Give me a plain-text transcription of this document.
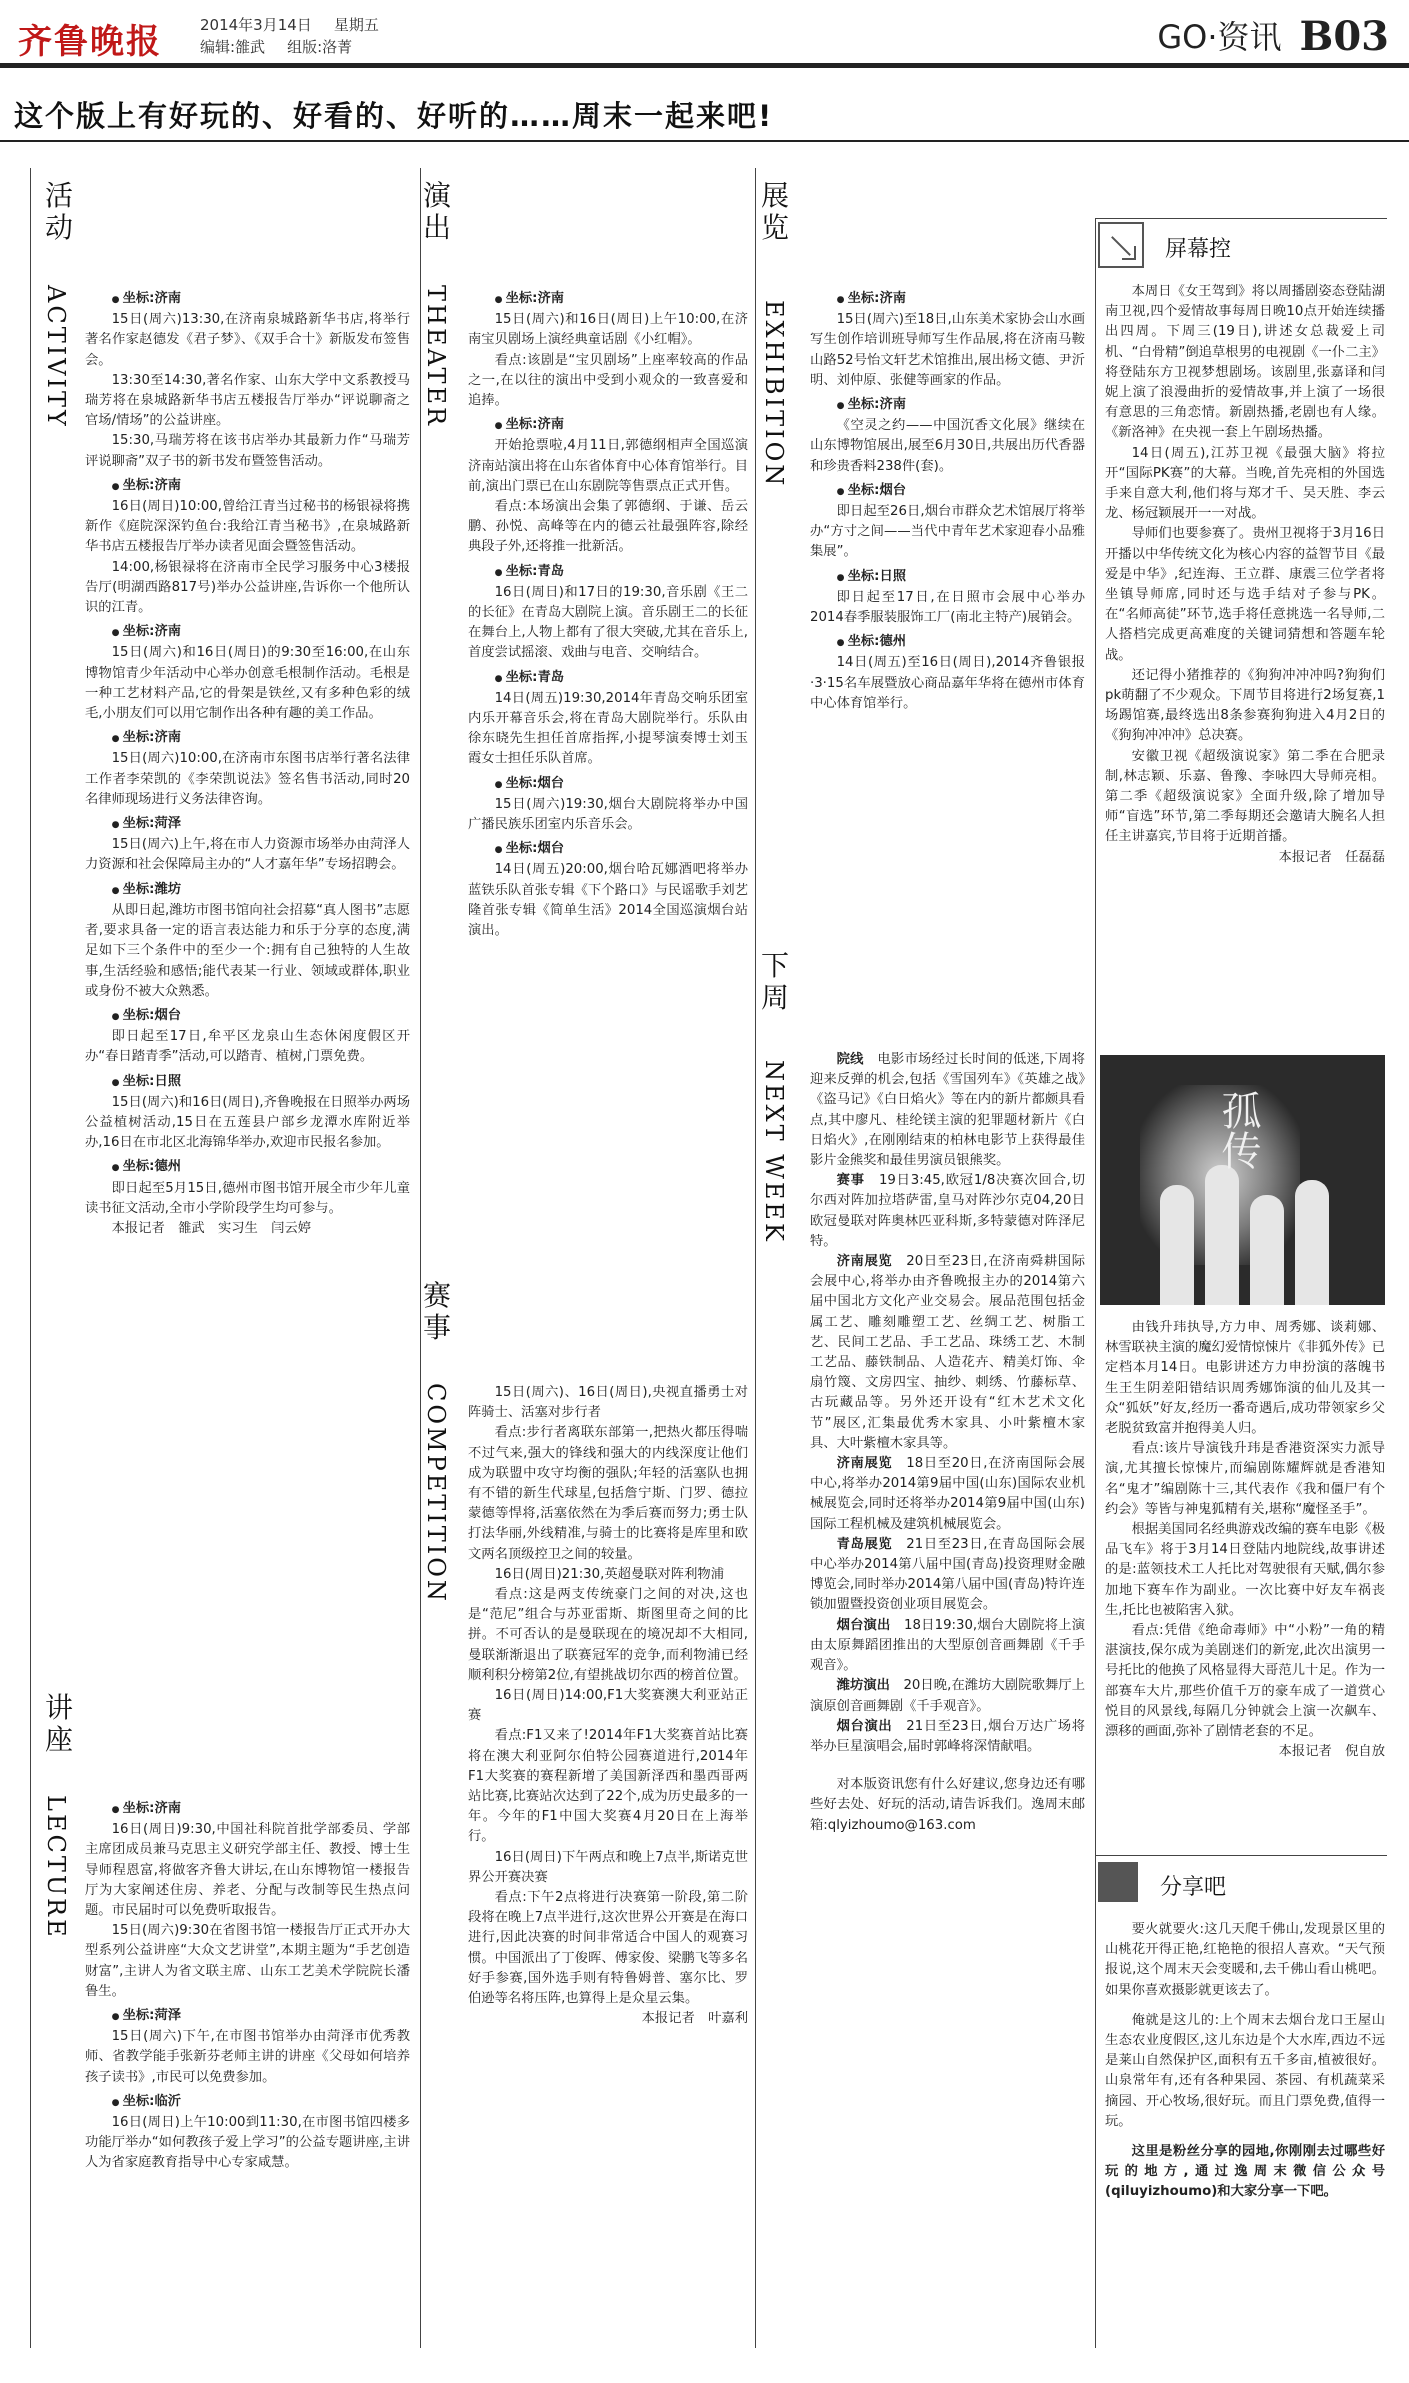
齐鲁晚报	2014年3月14日 星期五
编辑:雒武 组版:洛菁	GO·资讯 B03
这个版上有好玩的、好看的、好听的……周末一起来吧!
活动
ACTIVITY
讲座
LECTURE
演出
THEATER
赛事
COMPETITION
展览
EXHIBITION
下周
NEXT WEEK
● 坐标:济南

15日(周六)13:30,在济南泉城路新华书店,将举行著名作家赵德发《君子梦》、《双手合十》新版发布签售会。

13:30至14:30,著名作家、山东大学中文系教授马瑞芳将在泉城路新华书店五楼报告厅举办“评说聊斋之官场/情场”的公益讲座。

15:30,马瑞芳将在该书店举办其最新力作“马瑞芳评说聊斋”双子书的新书发布暨签售活动。

● 坐标:济南

16日(周日)10:00,曾给江青当过秘书的杨银禄将携新作《庭院深深钓鱼台:我给江青当秘书》,在泉城路新华书店五楼报告厅举办读者见面会暨签售活动。

14:00,杨银禄将在济南市全民学习服务中心3楼报告厅(明湖西路817号)举办公益讲座,告诉你一个他所认识的江青。

● 坐标:济南

15日(周六)和16日(周日)的9:30至16:00,在山东博物馆青少年活动中心举办创意毛根制作活动。毛根是一种工艺材料产品,它的骨架是铁丝,又有多种色彩的绒毛,小朋友们可以用它制作出各种有趣的美工作品。

● 坐标:济南

15日(周六)10:00,在济南市东图书店举行著名法律工作者李荣凯的《李荣凯说法》签名售书活动,同时20名律师现场进行义务法律咨询。

● 坐标:菏泽

15日(周六)上午,将在市人力资源市场举办由菏泽人力资源和社会保障局主办的“人才嘉年华”专场招聘会。

● 坐标:潍坊

从即日起,潍坊市图书馆向社会招募“真人图书”志愿者,要求具备一定的语言表达能力和乐于分享的态度,满足如下三个条件中的至少一个:拥有自己独特的人生故事,生活经验和感悟;能代表某一行业、领域或群体,职业或身份不被大众熟悉。

● 坐标:烟台

即日起至17日,牟平区龙泉山生态休闲度假区开办“春日踏青季”活动,可以踏青、植树,门票免费。

● 坐标:日照

15日(周六)和16日(周日),齐鲁晚报在日照举办两场公益植树活动,15日在五莲县户部乡龙潭水库附近举办,16日在市北区北海锦华举办,欢迎市民报名参加。

● 坐标:德州

即日起至5月15日,德州市图书馆开展全市少年儿童读书征文活动,全市小学阶段学生均可参与。

本报记者　雒武　实习生　闫云婷

● 坐标:济南

16日(周日)9:30,中国社科院首批学部委员、学部主席团成员兼马克思主义研究学部主任、教授、博士生导师程恩富,将做客齐鲁大讲坛,在山东博物馆一楼报告厅为大家阐述住房、养老、分配与改制等民生热点问题。市民届时可以免费听取报告。

15日(周六)9:30在省图书馆一楼报告厅正式开办大型系列公益讲座“大众文艺讲堂”,本期主题为“手艺创造财富”,主讲人为省文联主席、山东工艺美术学院院长潘鲁生。

● 坐标:菏泽

15日(周六)下午,在市图书馆举办由菏泽市优秀教师、省教学能手张新芬老师主讲的讲座《父母如何培养孩子读书》,市民可以免费参加。

● 坐标:临沂

16日(周日)上午10:00到11:30,在市图书馆四楼多功能厅举办“如何教孩子爱上学习”的公益专题讲座,主讲人为省家庭教育指导中心专家咸慧。

● 坐标:济南

15日(周六)和16日(周日)上午10:00,在济南宝贝剧场上演经典童话剧《小红帽》。

看点:该剧是“宝贝剧场”上座率较高的作品之一,在以往的演出中受到小观众的一致喜爱和追捧。

● 坐标:济南

开始抢票啦,4月11日,郭德纲相声全国巡演济南站演出将在山东省体育中心体育馆举行。目前,演出门票已在山东剧院等售票点正式开售。

看点:本场演出会集了郭德纲、于谦、岳云鹏、孙悦、高峰等在内的德云社最强阵容,除经典段子外,还将推一批新活。

● 坐标:青岛

16日(周日)和17日的19:30,音乐剧《王二的长征》在青岛大剧院上演。音乐剧王二的长征在舞台上,人物上都有了很大突破,尤其在音乐上,首度尝试摇滚、戏曲与电音、交响结合。

● 坐标:青岛

14日(周五)19:30,2014年青岛交响乐团室内乐开幕音乐会,将在青岛大剧院举行。乐队由徐东晓先生担任首席指挥,小提琴演奏博士刘玉霞女士担任乐队首席。

● 坐标:烟台

15日(周六)19:30,烟台大剧院将举办中国广播民族乐团室内乐音乐会。

● 坐标:烟台

14日(周五)20:00,烟台哈瓦娜酒吧将举办蓝铁乐队首张专辑《下个路口》与民谣歌手刘艺隆首张专辑《简单生活》2014全国巡演烟台站演出。

15日(周六)、16日(周日),央视直播勇士对阵骑士、活塞对步行者

看点:步行者离联东部第一,把热火都压得喘不过气来,强大的锋线和强大的内线深度让他们成为联盟中攻守均衡的强队;年轻的活塞队也拥有不错的新生代球星,包括詹宁斯、门罗、德拉蒙德等悍将,活塞依然在为季后赛而努力;勇士队打法华丽,外线精准,与骑士的比赛将是库里和欧文两名顶级控卫之间的较量。

16日(周日)21:30,英超曼联对阵利物浦

看点:这是两支传统豪门之间的对决,这也是“范尼”组合与苏亚雷斯、斯图里奇之间的比拼。不可否认的是曼联现在的境况却不大相同,曼联渐渐退出了联赛冠军的竞争,而利物浦已经顺利积分榜第2位,有望挑战切尔西的榜首位置。

16日(周日)14:00,F1大奖赛澳大利亚站正赛

看点:F1又来了!2014年F1大奖赛首站比赛将在澳大利亚阿尔伯特公园赛道进行,2014年F1大奖赛的赛程新增了美国新泽西和墨西哥两站比赛,比赛站次达到了22个,成为历史最多的一年。今年的F1中国大奖赛4月20日在上海举行。

16日(周日)下午两点和晚上7点半,斯诺克世界公开赛决赛

看点:下午2点将进行决赛第一阶段,第二阶段将在晚上7点半进行,这次世界公开赛是在海口进行,因此决赛的时间非常适合中国人的观赛习惯。中国派出了丁俊晖、傅家俊、梁鹏飞等多名好手参赛,国外选手则有特鲁姆普、塞尔比、罗伯逊等名将压阵,也算得上是众星云集。

本报记者　叶嘉利

● 坐标:济南

15日(周六)至18日,山东美术家协会山水画写生创作培训班导师写生作品展,将在济南马鞍山路52号怡文轩艺术馆推出,展出杨文德、尹沂明、刘仲原、张健等画家的作品。

● 坐标:济南

《空灵之约——中国沉香文化展》继续在山东博物馆展出,展至6月30日,共展出历代香器和珍贵香料238件(套)。

● 坐标:烟台

即日起至26日,烟台市群众艺术馆展厅将举办“方寸之间——当代中青年艺术家迎春小品雅集展”。

● 坐标:日照

即日起至17日,在日照市会展中心举办2014春季服装服饰工厂(南北主特产)展销会。

● 坐标:德州

14日(周五)至16日(周日),2014齐鲁银报·3·15名车展暨放心商品嘉年华将在德州市体育中心体育馆举行。

院线　 电影市场经过长时间的低迷,下周将迎来反弹的机会,包括《雪国列车》《英雄之战》《盗马记》《白日焰火》等在内的新片都颇具看点,其中廖凡、桂纶镁主演的犯罪题材新片《白日焰火》,在刚刚结束的柏林电影节上获得最佳影片金熊奖和最佳男演员银熊奖。

赛事　 19日3:45,欧冠1/8决赛次回合,切尔西对阵加拉塔萨雷,皇马对阵沙尔克04,20日欧冠曼联对阵奥林匹亚科斯,多特蒙德对阵泽尼特。

济南展览　 20日至23日,在济南舜耕国际会展中心,将举办由齐鲁晚报主办的2014第六届中国北方文化产业交易会。展品范围包括金属工艺、雕刻雕塑工艺、丝绸工艺、树脂工艺、民间工艺品、手工艺品、珠绣工艺、木制工艺品、藤铁制品、人造花卉、精美灯饰、伞扇竹篾、文房四宝、抽纱、刺绣、竹藤标草、古玩藏品等。另外还开设有“红木艺术文化节”展区,汇集最优秀木家具、小叶紫檀木家具、大叶紫檀木家具等。

济南展览　 18日至20日,在济南国际会展中心,将举办2014第9届中国(山东)国际农业机械展览会,同时还将举办2014第9届中国(山东)国际工程机械及建筑机械展览会。

青岛展览　 21日至23日,在青岛国际会展中心举办2014第八届中国(青岛)投资理财金融博览会,同时举办2014第八届中国(青岛)特许连锁加盟暨投资创业项目展览会。

烟台演出　 18日19:30,烟台大剧院将上演由太原舞蹈团推出的大型原创音画舞剧《千手观音》。

潍坊演出　 20日晚,在潍坊大剧院歌舞厅上演原创音画舞剧《千手观音》。

烟台演出　 21日至23日,烟台万达广场将举办巨星演唱会,届时郭峰将深情献唱。

对本版资讯您有什么好建议,您身边还有哪些好去处、好玩的活动,请告诉我们。逸周末邮箱:qlyizhoumo@163.com

屏幕控

本周日《女王驾到》将以周播剧姿态登陆湖南卫视,四个爱情故事每周日晚10点开始连续播出四周。下周三(19日),讲述女总裁爱上司机、“白骨精”倒追草根男的电视剧《一仆二主》将登陆东方卫视梦想剧场。该剧里,张嘉译和闫妮上演了浪漫曲折的爱情故事,并上演了一场很有意思的三角恋情。新剧热播,老剧也有人缘。《新洛神》在央视一套上午剧场热播。

14日(周五),江苏卫视《最强大脑》将拉开“国际PK赛”的大幕。当晚,首先亮相的外国选手来自意大利,他们将与郑才千、吴天胜、李云龙、杨冠颖展开一一对战。

导师们也要参赛了。贵州卫视将于3月16日开播以中华传统文化为核心内容的益智节目《最爱是中华》,纪连海、王立群、康震三位学者将坐镇导师席,同时还与选手结对子参与PK。在“名师高徒”环节,选手将任意挑选一名导师,二人搭档完成更高难度的关键词猜想和答题车轮战。

还记得小猪推荐的《狗狗冲冲冲吗?狗狗们pk萌翻了不少观众。下周节目将进行2场复赛,1场踢馆赛,最终选出8条参赛狗狗进入4月2日的《狗狗冲冲冲》总决赛。

安徽卫视《超级演说家》第二季在合肥录制,林志颖、乐嘉、鲁豫、李咏四大导师亮相。第二季《超级演说家》全面升级,除了增加导师“盲选”环节,第二季每期还会邀请大腕名人担任主讲嘉宾,节目将于近期首播。

本报记者　任磊磊

孤传

由钱升玮执导,方力申、周秀娜、谈莉娜、林雪联袂主演的魔幻爱情惊悚片《非狐外传》已定档本月14日。电影讲述方力申扮演的落魄书生王生阴差阳错结识周秀娜饰演的仙儿及其一众“狐妖”好友,经历一番奇遇后,成功带领家乡父老脱贫致富并抱得美人归。

看点:该片导演钱升玮是香港资深实力派导演,尤其擅长惊悚片,而编剧陈耀辉就是香港知名“鬼才”编剧陈十三,其代表作《我和僵尸有个约会》等皆与神鬼狐精有关,堪称“魔怪圣手”。

根据美国同名经典游戏改编的赛车电影《极品飞车》将于3月14日登陆内地院线,故事讲述的是:蓝领技术工人托比对驾驶很有天赋,偶尔参加地下赛车作为副业。一次比赛中好友车祸丧生,托比也被陷害入狱。

看点:凭借《绝命毒师》中“小粉”一角的精湛演技,保尔成为美剧迷们的新宠,此次出演男一号托比的他换了风格显得大哥范儿十足。作为一部赛车大片,那些价值千万的豪车成了一道赏心悦目的风景线,每隔几分钟就会上演一次飙车、漂移的画面,弥补了剧情老套的不足。

本报记者　倪自放

分享吧

要火就要火:这几天爬千佛山,发现景区里的山桃花开得正艳,红艳艳的很招人喜欢。“天气预报说,这个周末天会变暖和,去千佛山看山桃吧。如果你喜欢摄影就更该去了。

俺就是这儿的:上个周末去烟台龙口王屋山生态农业度假区,这儿东边是个大水库,西边不远是莱山自然保护区,面积有五千多亩,植被很好。山泉常年有,还有各种果园、茶园、有机蔬菜采摘园、开心牧场,很好玩。而且门票免费,值得一玩。

这里是粉丝分享的园地,你刚刚去过哪些好玩的地方,通过逸周末微信公众号(qiluyizhoumo)和大家分享一下吧。
